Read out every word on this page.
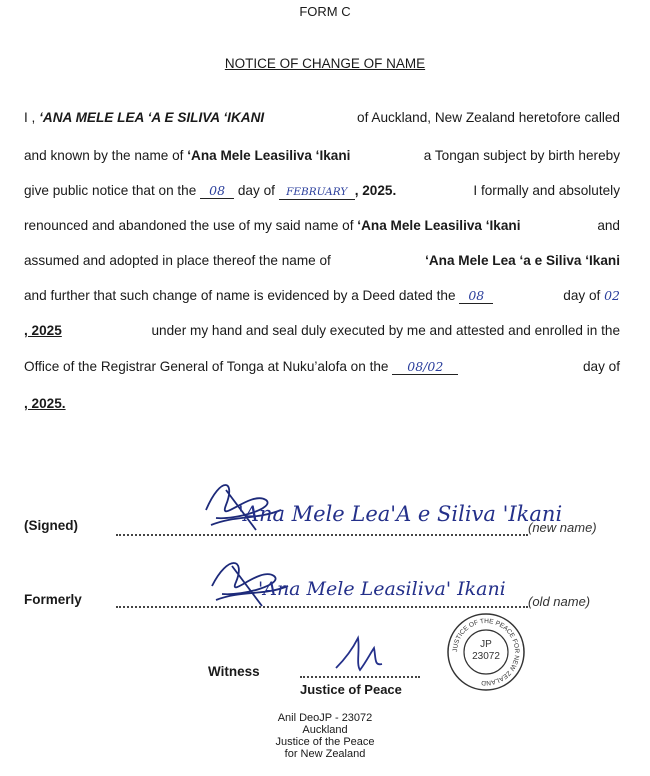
FORM C
NOTICE OF CHANGE OF NAME
I , ‘ANA MELE LEA ‘A E SILIVA ‘IKANI	of Auckland, New Zealand heretofore called
and known by the name of ‘Ana Mele Leasiliva ‘Ikani	a Tongan subject by birth hereby
give public notice that on the 08 day of FEBRUARY , 2025.	I formally and absolutely
renounced and abandoned the use of my said name of ‘Ana Mele Leasiliva ‘Ikani	and
assumed and adopted in place thereof the name of	‘Ana Mele Lea ‘a e Siliva ‘Ikani
and further that such change of name is evidenced by a Deed dated the 08	day of 02
, 2025	under my hand and seal duly executed by me and attested and enrolled in the
Office of the Registrar General of Tonga at Nuku’alofa on the 08/02	day of
, 2025.
(Signed)	'Ana Mele Lea'A e Siliva 'Ikani
(new name)
Formerly	'Ana Mele Leasiliva' Ikani
(old name)
Witness
Justice of Peace
JUSTICE OF THE PEACE FOR NEW ZEALAND
JP
23072
Anil DeoJP - 23072
Auckland
Justice of the Peace
for New Zealand
